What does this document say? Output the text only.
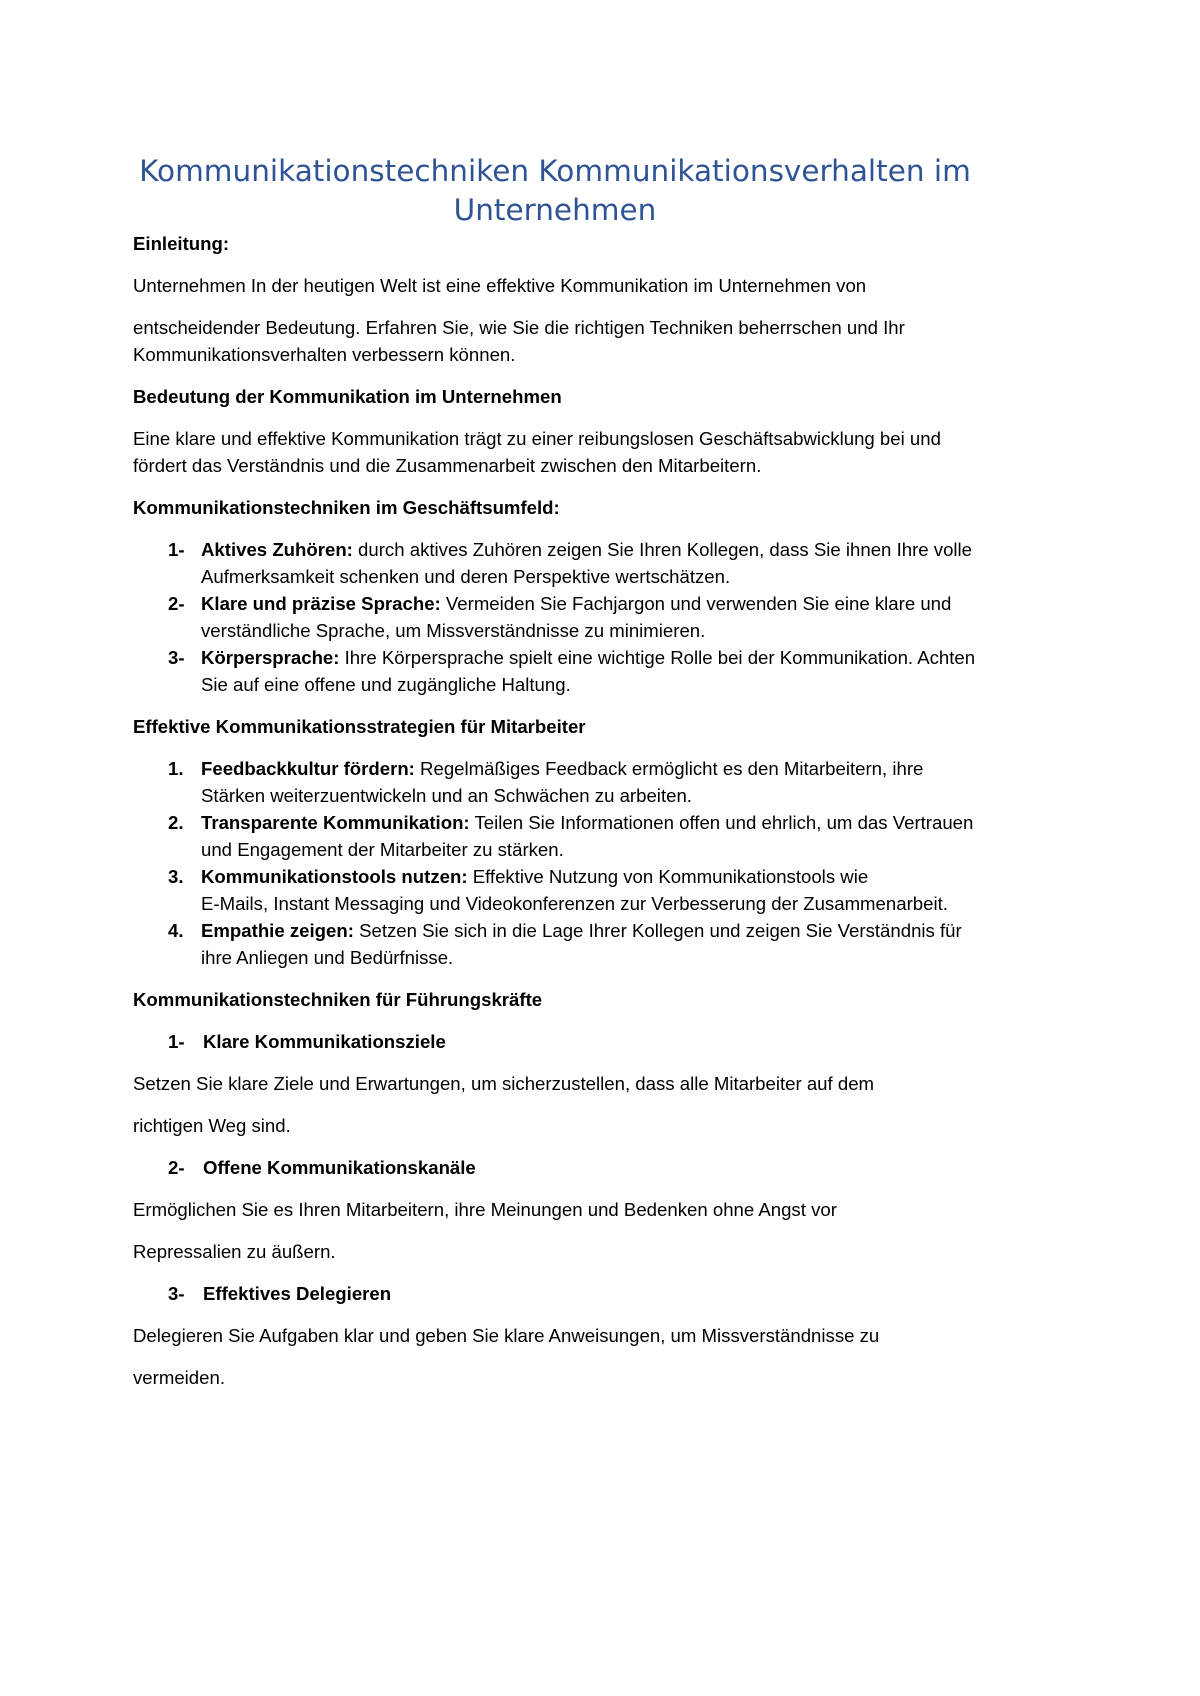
Kommunikationstechniken Kommunikationsverhalten im Unternehmen
Einleitung:

Unternehmen In der heutigen Welt ist eine effektive Kommunikation im Unternehmen von

entscheidender Bedeutung. Erfahren Sie, wie Sie die richtigen Techniken beherrschen und Ihr
Kommunikationsverhalten verbessern können.

Bedeutung der Kommunikation im Unternehmen

Eine klare und effektive Kommunikation trägt zu einer reibungslosen Geschäftsabwicklung bei und
fördert das Verständnis und die Zusammenarbeit zwischen den Mitarbeitern.

Kommunikationstechniken im Geschäftsumfeld:
1- Aktives Zuhören: durch aktives Zuhören zeigen Sie Ihren Kollegen, dass Sie ihnen Ihre volle
Aufmerksamkeit schenken und deren Perspektive wertschätzen.
2- Klare und präzise Sprache: Vermeiden Sie Fachjargon und verwenden Sie eine klare und
verständliche Sprache, um Missverständnisse zu minimieren.
3- Körpersprache: Ihre Körpersprache spielt eine wichtige Rolle bei der Kommunikation. Achten
Sie auf eine offene und zugängliche Haltung.
Effektive Kommunikationsstrategien für Mitarbeiter
1. Feedbackkultur fördern: Regelmäßiges Feedback ermöglicht es den Mitarbeitern, ihre
Stärken weiterzuentwickeln und an Schwächen zu arbeiten.
2. Transparente Kommunikation: Teilen Sie Informationen offen und ehrlich, um das Vertrauen
und Engagement der Mitarbeiter zu stärken.
3. Kommunikationstools nutzen: Effektive Nutzung von Kommunikationstools wie
E-Mails, Instant Messaging und Videokonferenzen zur Verbesserung der Zusammenarbeit.
4. Empathie zeigen: Setzen Sie sich in die Lage Ihrer Kollegen und zeigen Sie Verständnis für
ihre Anliegen und Bedürfnisse.
Kommunikationstechniken für Führungskräfte
1- Klare Kommunikationsziele

Setzen Sie klare Ziele und Erwartungen, um sicherzustellen, dass alle Mitarbeiter auf dem

richtigen Weg sind.

2- Offene Kommunikationskanäle

Ermöglichen Sie es Ihren Mitarbeitern, ihre Meinungen und Bedenken ohne Angst vor

Repressalien zu äußern.

3- Effektives Delegieren

Delegieren Sie Aufgaben klar und geben Sie klare Anweisungen, um Missverständnisse zu

vermeiden.
